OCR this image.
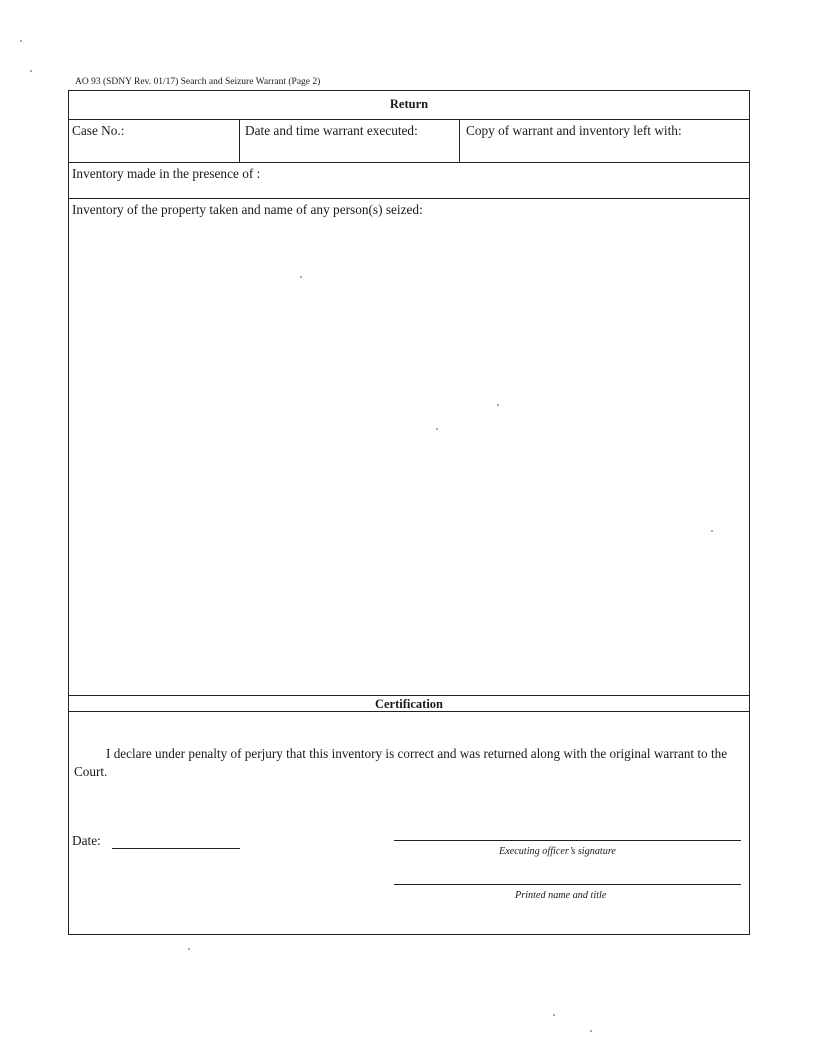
AO 93 (SDNY Rev. 01/17) Search and Seizure Warrant (Page 2)
Return
Case No.:	Date and time warrant executed:	Copy of warrant and inventory left with:
Inventory made in the presence of :
Inventory of the property taken and name of any person(s) seized:
Certification
I declare under penalty of perjury that this inventory is correct and was returned along with the original warrant to the Court.
Date:
Executing officer’s signature
Printed name and title
